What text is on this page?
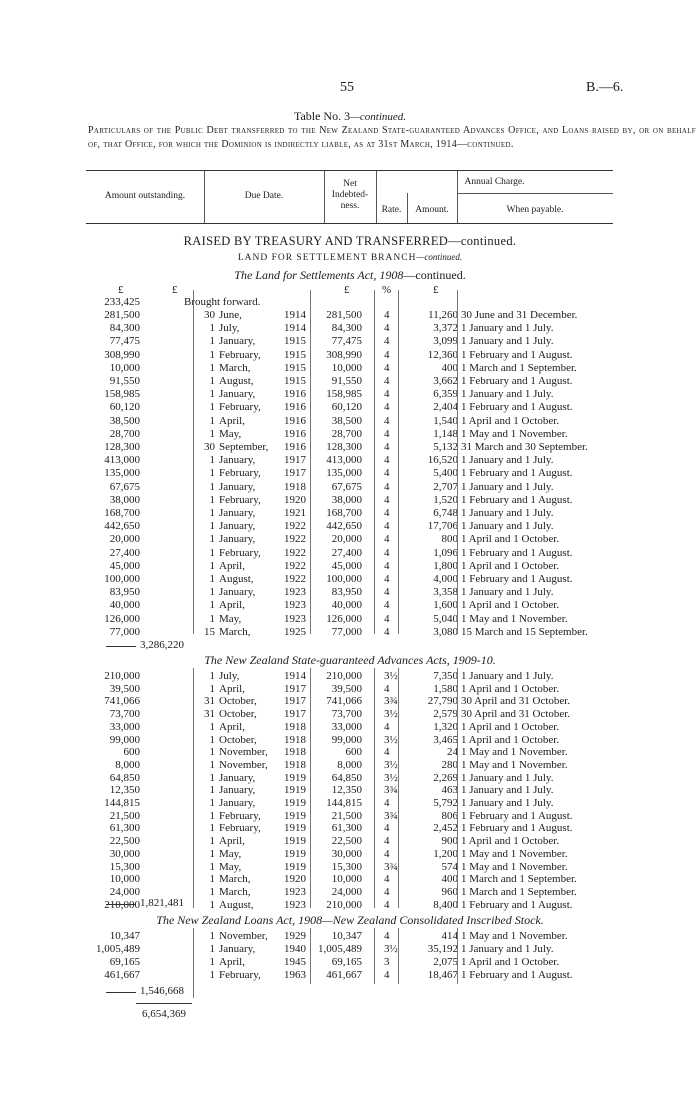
55	B.—6.
Table No. 3—continued.
Particulars of the Public Debt transferred to the New Zealand State-guaranteed Advances Office, and Loans raised by, or on behalf of, that Office, for which the Dominion is indirectly liable, as at 31st March, 1914—continued.
Amount outstanding.	Due Date.
Net Indebted- ness.
Annual Charge.
Rate.	Amount.	When payable.
RAISED BY TREASURY AND TRANSFERRED—continued.
LAND FOR SETTLEMENT BRANCH—continued.
The Land for Settlements Act, 1908—continued.
£	£	£	%	£
233,425	Brought forward.
281,500	30 June,	1914	281,500 4	11,260 30 June and 31 December.
84,300	1 July,	1914	84,300 4	3,372 1 January and 1 July.
77,475	1 January,	1915	77,475 4	3,099 1 January and 1 July.
308,990	1 February,	1915	308,990 4	12,360 1 February and 1 August.
10,000	1 March,	1915	10,000 4	400 1 March and 1 September.
91,550	1 August,	1915	91,550 4	3,662 1 February and 1 August.
158,985	1 January,	1916	158,985 4	6,359 1 January and 1 July.
60,120	1 February,	1916	60,120 4	2,404 1 February and 1 August.
38,500	1 April,	1916	38,500 4	1,540 1 April and 1 October.
28,700	1 May,	1916	28,700 4	1,148 1 May and 1 November.
128,300	30 September,	1916	128,300 4	5,132 31 March and 30 September.
413,000	1 January,	1917	413,000 4	16,520 1 January and 1 July.
135,000	1 February,	1917	135,000 4	5,400 1 February and 1 August.
67,675	1 January,	1918	67,675 4	2,707 1 January and 1 July.
38,000	1 February,	1920	38,000 4	1,520 1 February and 1 August.
168,700	1 January,	1921	168,700 4	6,748 1 January and 1 July.
442,650	1 January,	1922	442,650 4	17,706 1 January and 1 July.
20,000	1 January,	1922	20,000 4	800 1 April and 1 October.
27,400	1 February,	1922	27,400 4	1,096 1 February and 1 August.
45,000	1 April,	1922	45,000 4	1,800 1 April and 1 October.
100,000	1 August,	1922	100,000 4	4,000 1 February and 1 August.
83,950	1 January,	1923	83,950 4	3,358 1 January and 1 July.
40,000	1 April,	1923	40,000 4	1,600 1 April and 1 October.
126,000	1 May,	1923	126,000 4	5,040 1 May and 1 November.
77,000	15 March,	1925	77,000 4	3,080 15 March and 15 September.
3,286,220
The New Zealand State-guaranteed Advances Acts, 1909-10.
210,000	1 July,	1914	210,000 3½	7,350 1 January and 1 July.
39,500	1 April,	1917	39,500 4	1,580 1 April and 1 October.
741,066	31 October,	1917	741,066 3¾	27,790 30 April and 31 October.
73,700	31 October,	1917	73,700 3½	2,579 30 April and 31 October.
33,000	1 April,	1918	33,000 4	1,320 1 April and 1 October.
99,000	1 October,	1918	99,000 3½	3,465 1 April and 1 October.
600	1 November,	1918	600 4	24 1 May and 1 November.
8,000	1 November,	1918	8,000 3½	280 1 May and 1 November.
64,850	1 January,	1919	64,850 3½	2,269 1 January and 1 July.
12,350	1 January,	1919	12,350 3¾	463 1 January and 1 July.
144,815	1 January,	1919	144,815 4	5,792 1 January and 1 July.
21,500	1 February,	1919	21,500 3¾	806 1 February and 1 August.
61,300	1 February,	1919	61,300 4	2,452 1 February and 1 August.
22,500	1 April,	1919	22,500 4	900 1 April and 1 October.
30,000	1 May,	1919	30,000 4	1,200 1 May and 1 November.
15,300	1 May,	1919	15,300 3¾	574 1 May and 1 November.
10,000	1 March,	1920	10,000 4	400 1 March and 1 September.
24,000	1 March,	1923	24,000 4	960 1 March and 1 September.
210,000	1 August,	1923	210,000 4	8,400 1 February and 1 August.
1,821,481
The New Zealand Loans Act, 1908—New Zealand Consolidated Inscribed Stock.
10,347	1 November,	1929	10,347 4	414 1 May and 1 November.
1,005,489	1 January,	1940	1,005,489 3½	35,192 1 January and 1 July.
69,165	1 April,	1945	69,165 3	2,075 1 April and 1 October.
461,667	1 February,	1963	461,667 4	18,467 1 February and 1 August.
1,546,668
6,654,369
